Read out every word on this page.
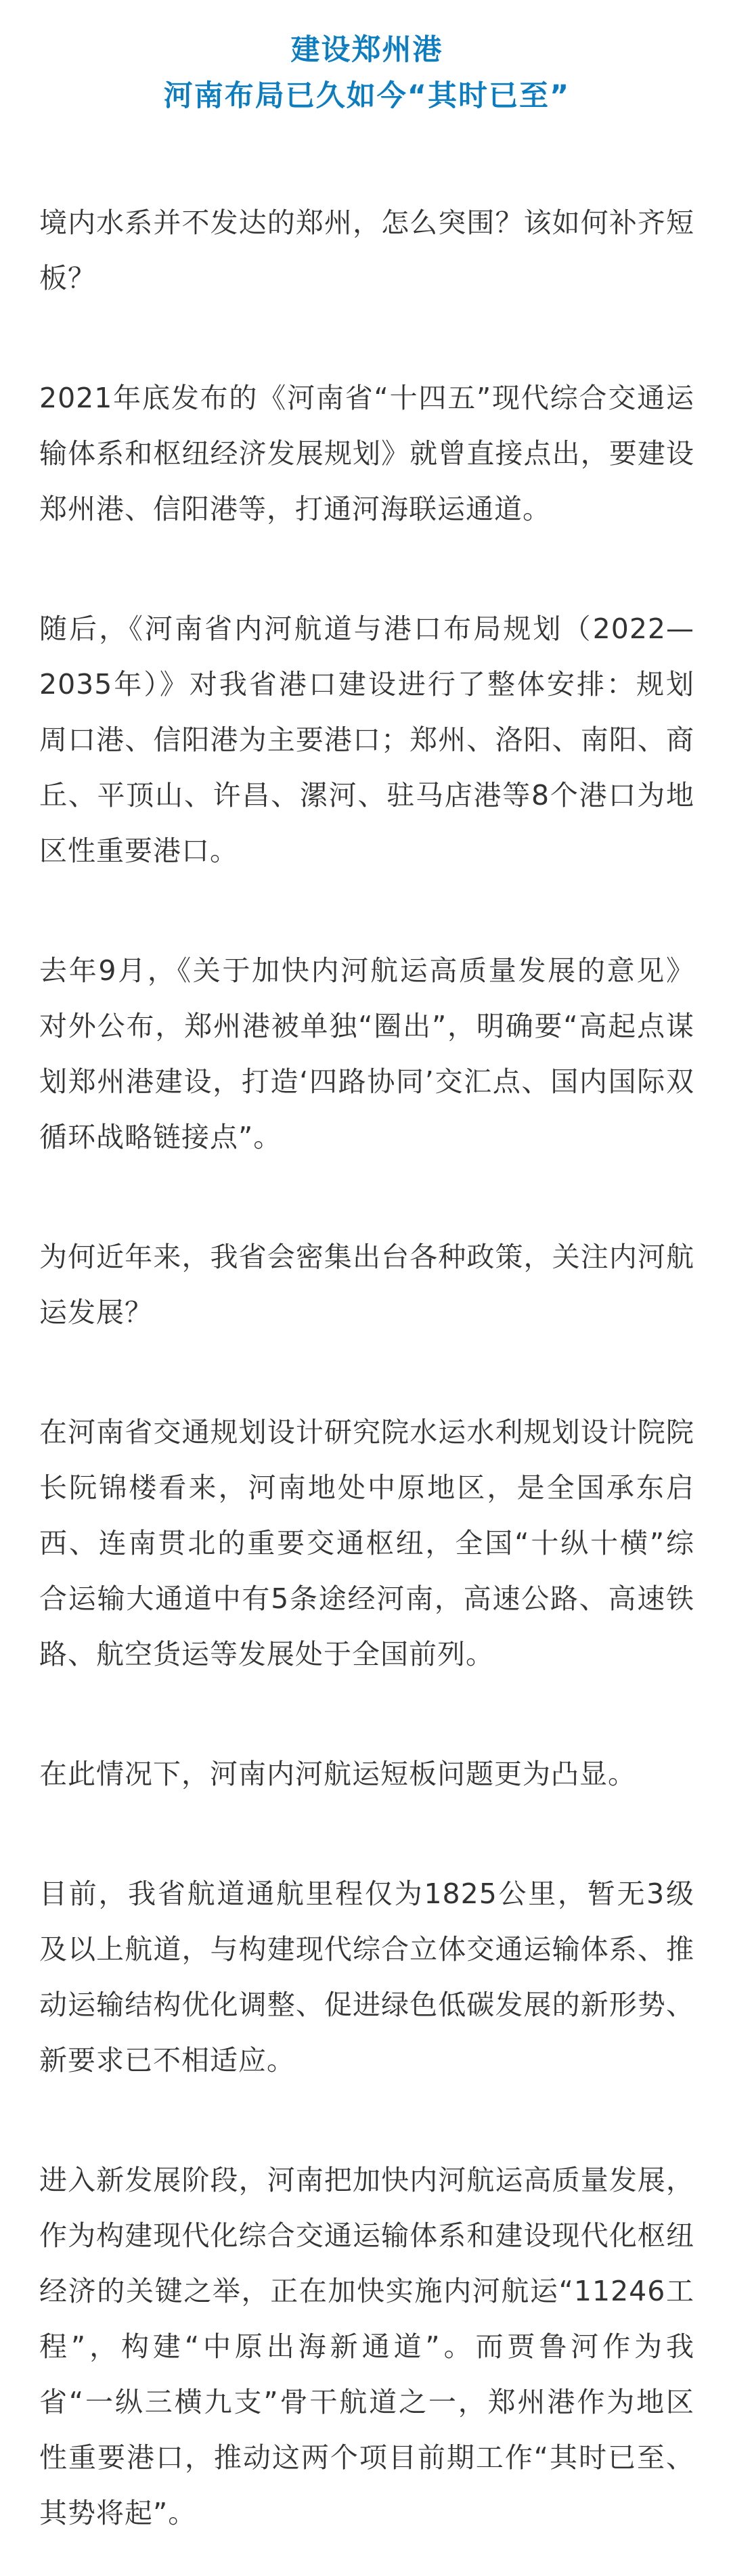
建设郑州港
河南布局已久如今“其时已至”

境内水系并不发达的郑州，怎么突围？该如何补齐短板？

2021年底发布的《河南省“十四五”现代综合交通运输体系和枢纽经济发展规划》就曾直接点出，要建设郑州港、信阳港等，打通河海联运通道。

随后，《河南省内河航道与港口布局规划（2022—2035年）》对我省港口建设进行了整体安排：规划周口港、信阳港为主要港口；郑州、洛阳、南阳、商丘、平顶山、许昌、漯河、驻马店港等8个港口为地区性重要港口。

去年9月，《关于加快内河航运高质量发展的意见》对外公布，郑州港被单独“圈出”，明确要“高起点谋划郑州港建设，打造‘四路协同’交汇点、国内国际双循环战略链接点”。

为何近年来，我省会密集出台各种政策，关注内河航运发展？

在河南省交通规划设计研究院水运水利规划设计院院长阮锦楼看来，河南地处中原地区，是全国承东启西、连南贯北的重要交通枢纽，全国“十纵十横”综合运输大通道中有5条途经河南，高速公路、高速铁路、航空货运等发展处于全国前列。

在此情况下，河南内河航运短板问题更为凸显。

目前，我省航道通航里程仅为1825公里，暂无3级及以上航道，与构建现代综合立体交通运输体系、推动运输结构优化调整、促进绿色低碳发展的新形势、新要求已不相适应。

进入新发展阶段，河南把加快内河航运高质量发展，作为构建现代化综合交通运输体系和建设现代化枢纽经济的关键之举，正在加快实施内河航运“11246工程”，构建“中原出海新通道”。而贾鲁河作为我省“一纵三横九支”骨干航道之一，郑州港作为地区性重要港口，推动这两个项目前期工作“其时已至、其势将起”。
